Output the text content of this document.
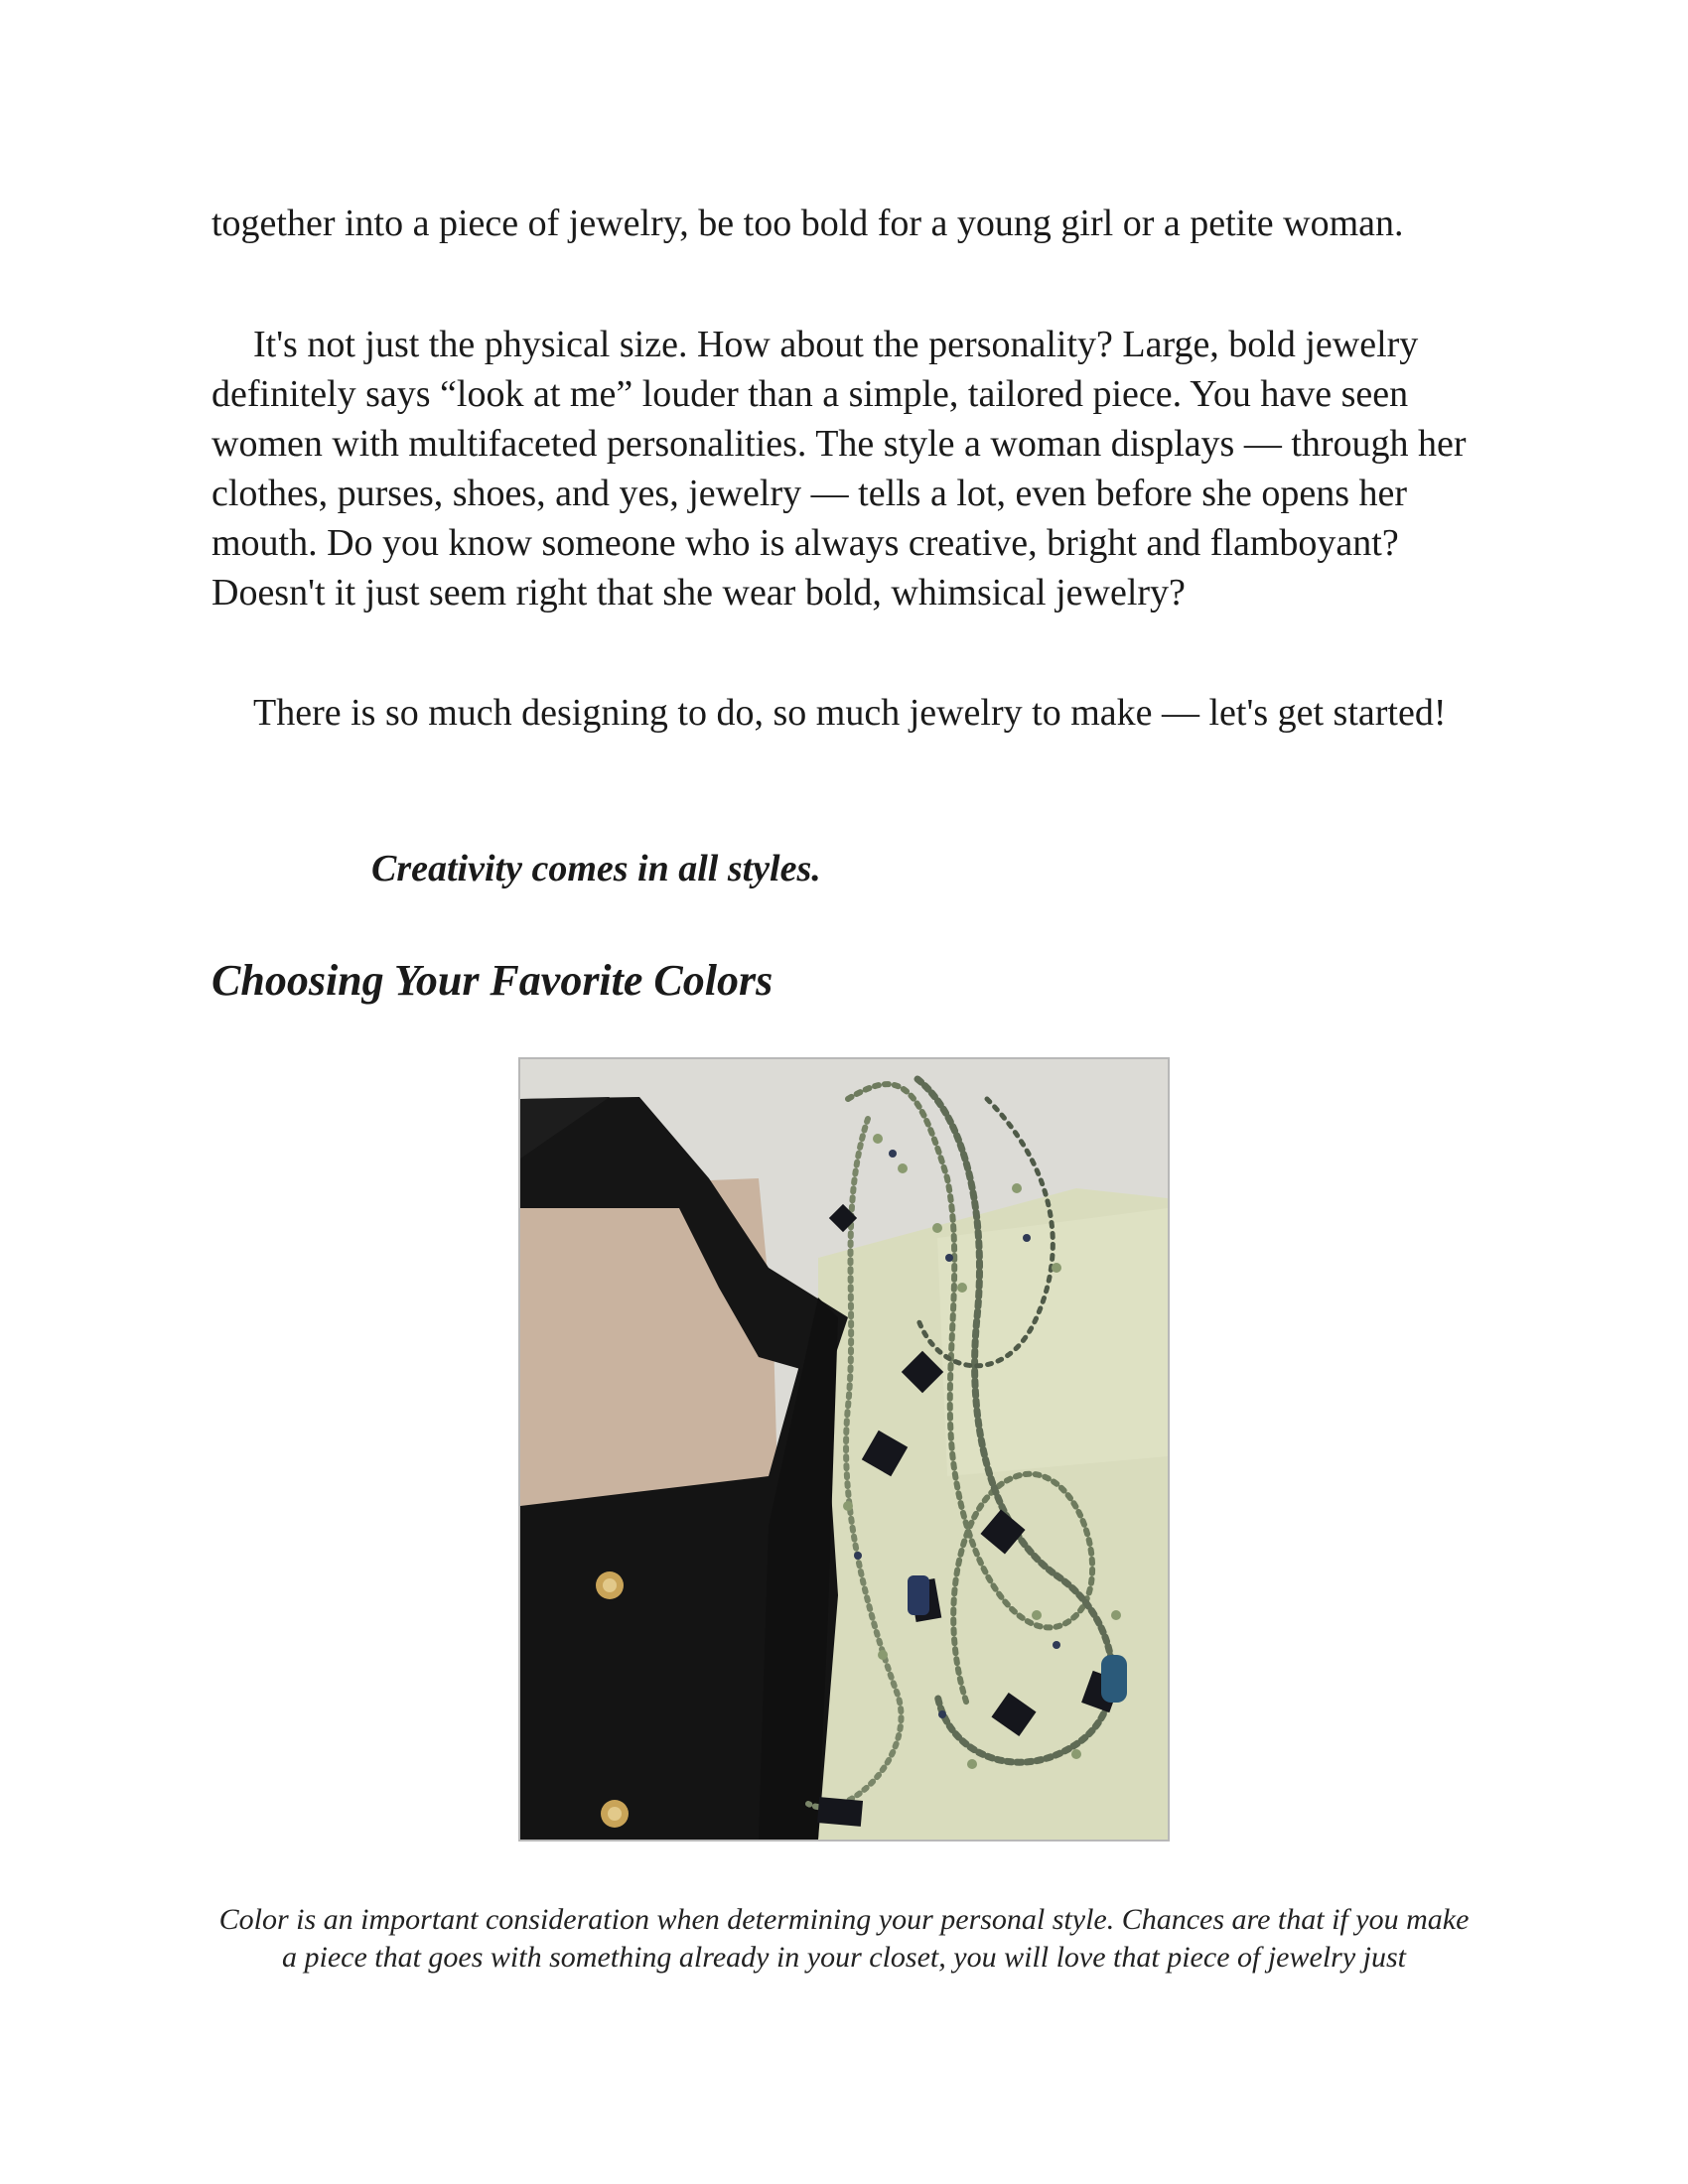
together into a piece of jewelry, be too bold for a young girl or a petite woman.

It's not just the physical size. How about the personality? Large, bold jewelry definitely says “look at me” louder than a simple, tailored piece. You have seen women with multifaceted personalities. The style a woman displays — through her clothes, purses, shoes, and yes, jewelry — tells a lot, even before she opens her mouth. Do you know someone who is always creative, bright and flamboyant? Doesn't it just seem right that she wear bold, whimsical jewelry?

There is so much designing to do, so much jewelry to make — let's get started!

Creativity comes in all styles.
Choosing Your Favorite Colors
Color is an important consideration when determining your personal style. Chances are that if you make a piece that goes with something already in your closet, you will love that piece of jewelry just
